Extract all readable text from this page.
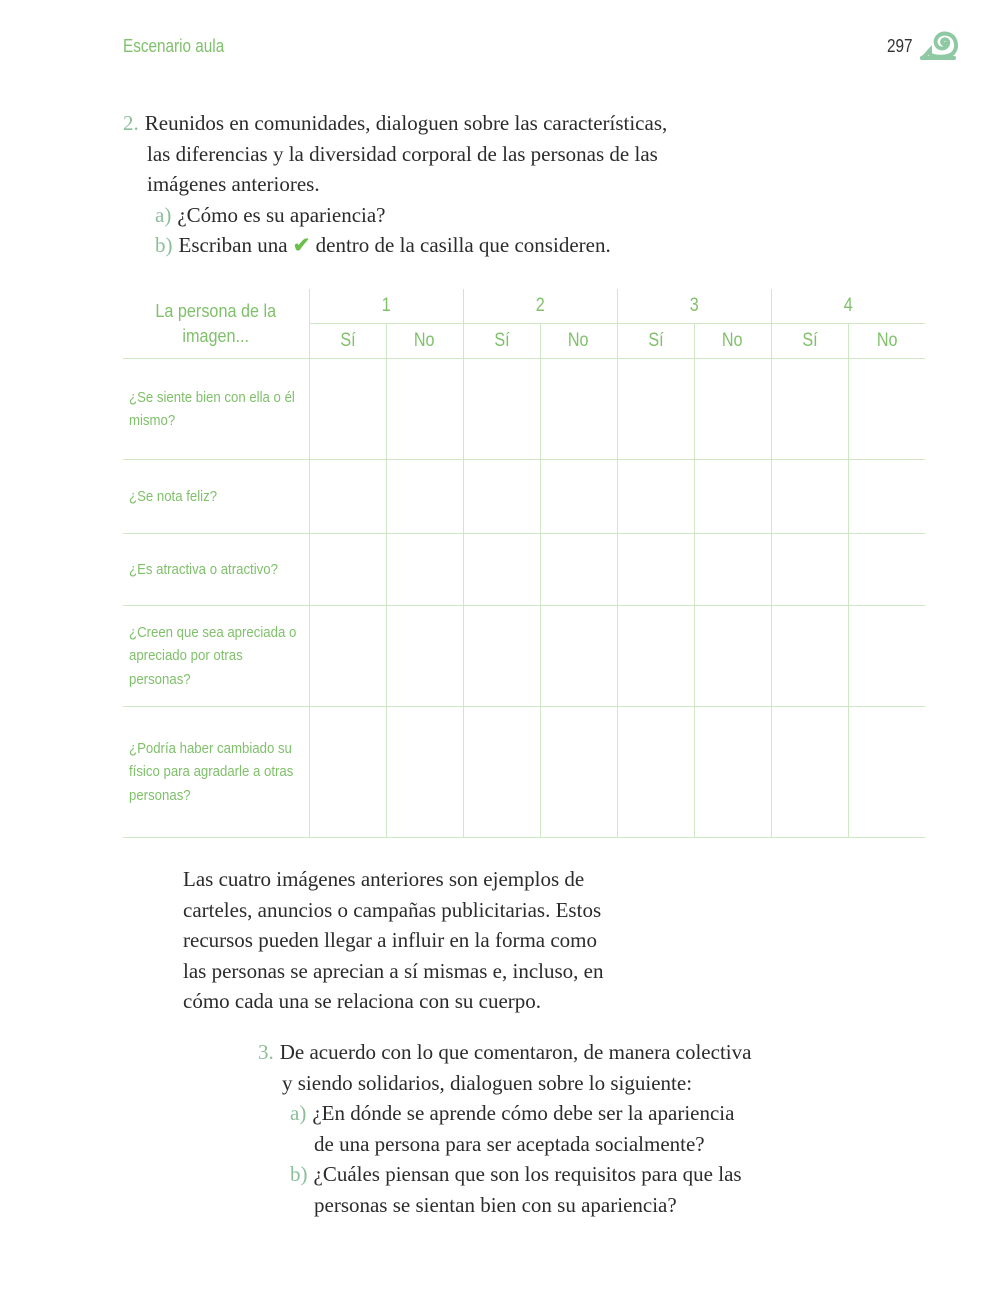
Escenario aula	297
2. Reunidos en comunidades, dialoguen sobre las características,
las diferencias y la diversidad corporal de las personas de las
imágenes anteriores.
a) ¿Cómo es su apariencia?
b) Escriban una ✔ dentro de la casilla que consideren.
La persona de la imagen...	1		2		3		4	
	Sí	No	Sí	No	Sí	No	Sí	No
¿Se siente bien con ella o él mismo?								
¿Se nota feliz?								
¿Es atractiva o atractivo?								
¿Creen que sea apreciada o apreciado por otras personas?								
¿Podría haber cambiado su físico para agradarle a otras personas?								
Las cuatro imágenes anteriores son ejemplos de
carteles, anuncios o campañas publicitarias. Estos
recursos pueden llegar a influir en la forma como
las personas se aprecian a sí mismas e, incluso, en
cómo cada una se relaciona con su cuerpo.
3. De acuerdo con lo que comentaron, de manera colectiva
y siendo solidarios, dialoguen sobre lo siguiente:
a) ¿En dónde se aprende cómo debe ser la apariencia
de una persona para ser aceptada socialmente?
b) ¿Cuáles piensan que son los requisitos para que las
personas se sientan bien con su apariencia?
